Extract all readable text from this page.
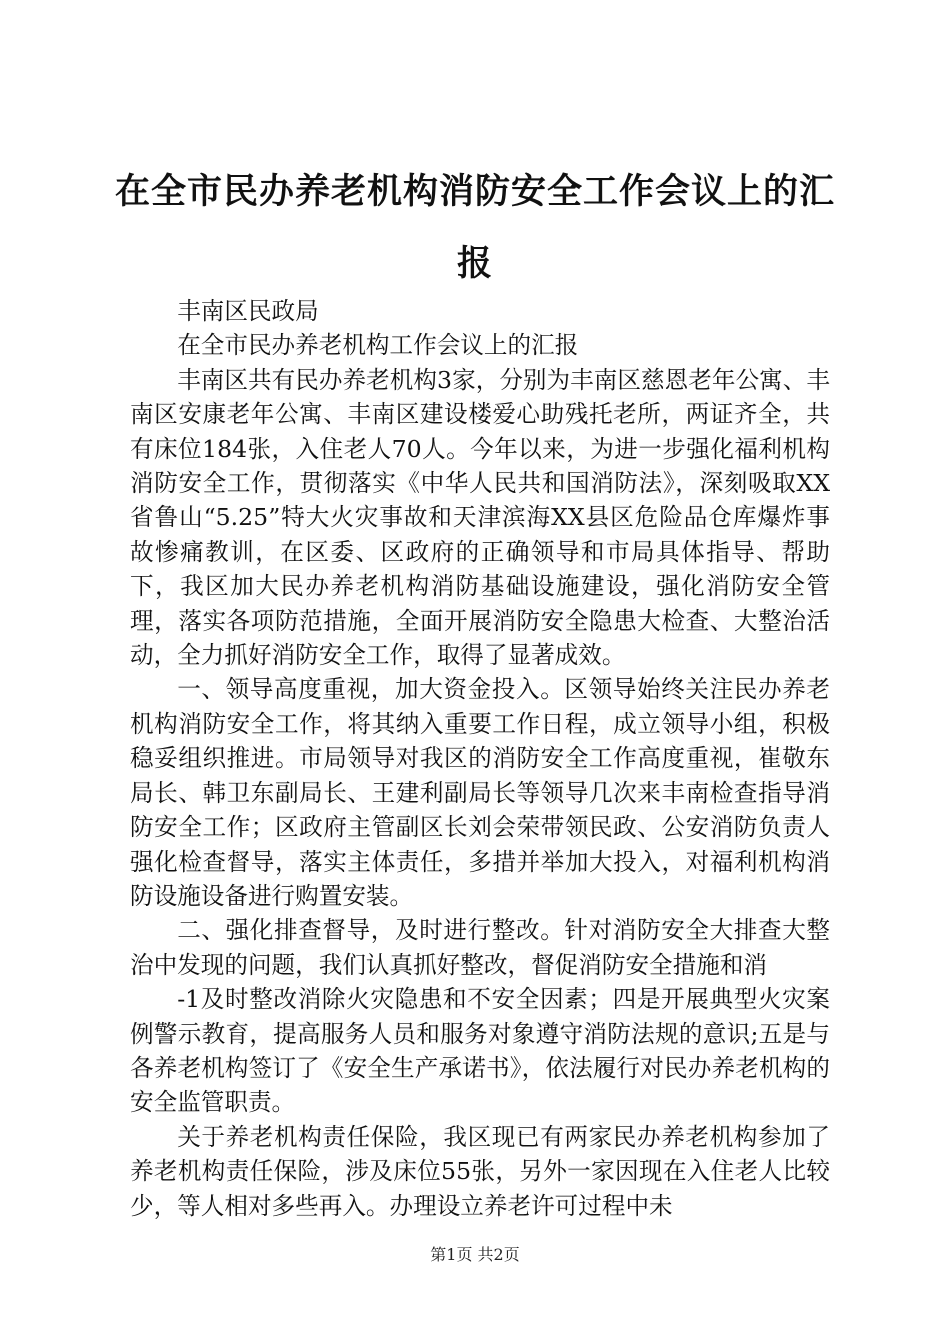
在全市民办养老机构消防安全工作会议上的汇报

丰南区民政局

在全市民办养老机构工作会议上的汇报

丰南区共有民办养老机构3家，分别为丰南区慈恩老年公寓、丰南区安康老年公寓、丰南区建设楼爱心助残托老所，两证齐全，共有床位184张，入住老人70人。今年以来，为进一步强化福利机构消防安全工作，贯彻落实《中华人民共和国消防法》，深刻吸取XX省鲁山“5.25”特大火灾事故和天津滨海XX县区危险品仓库爆炸事故惨痛教训，在区委、区政府的正确领导和市局具体指导、帮助下，我区加大民办养老机构消防基础设施建设，强化消防安全管理，落实各项防范措施，全面开展消防安全隐患大检查、大整治活动，全力抓好消防安全工作，取得了显著成效。

一、领导高度重视，加大资金投入。区领导始终关注民办养老机构消防安全工作，将其纳入重要工作日程，成立领导小组，积极稳妥组织推进。市局领导对我区的消防安全工作高度重视，崔敬东局长、韩卫东副局长、王建利副局长等领导几次来丰南检查指导消防安全工作；区政府主管副区长刘会荣带领民政、公安消防负责人强化检查督导，落实主体责任，多措并举加大投入，对福利机构消防设施设备进行购置安装。

二、强化排查督导，及时进行整改。针对消防安全大排查大整治中发现的问题，我们认真抓好整改，督促消防安全措施和消

-1及时整改消除火灾隐患和不安全因素；四是开展典型火灾案例警示教育，提高服务人员和服务对象遵守消防法规的意识;五是与各养老机构签订了《安全生产承诺书》，依法履行对民办养老机构的安全监管职责。

关于养老机构责任保险，我区现已有两家民办养老机构参加了养老机构责任保险，涉及床位55张，另外一家因现在入住老人比较少，等人相对多些再入。办理设立养老许可过程中未

第1页 共2页
